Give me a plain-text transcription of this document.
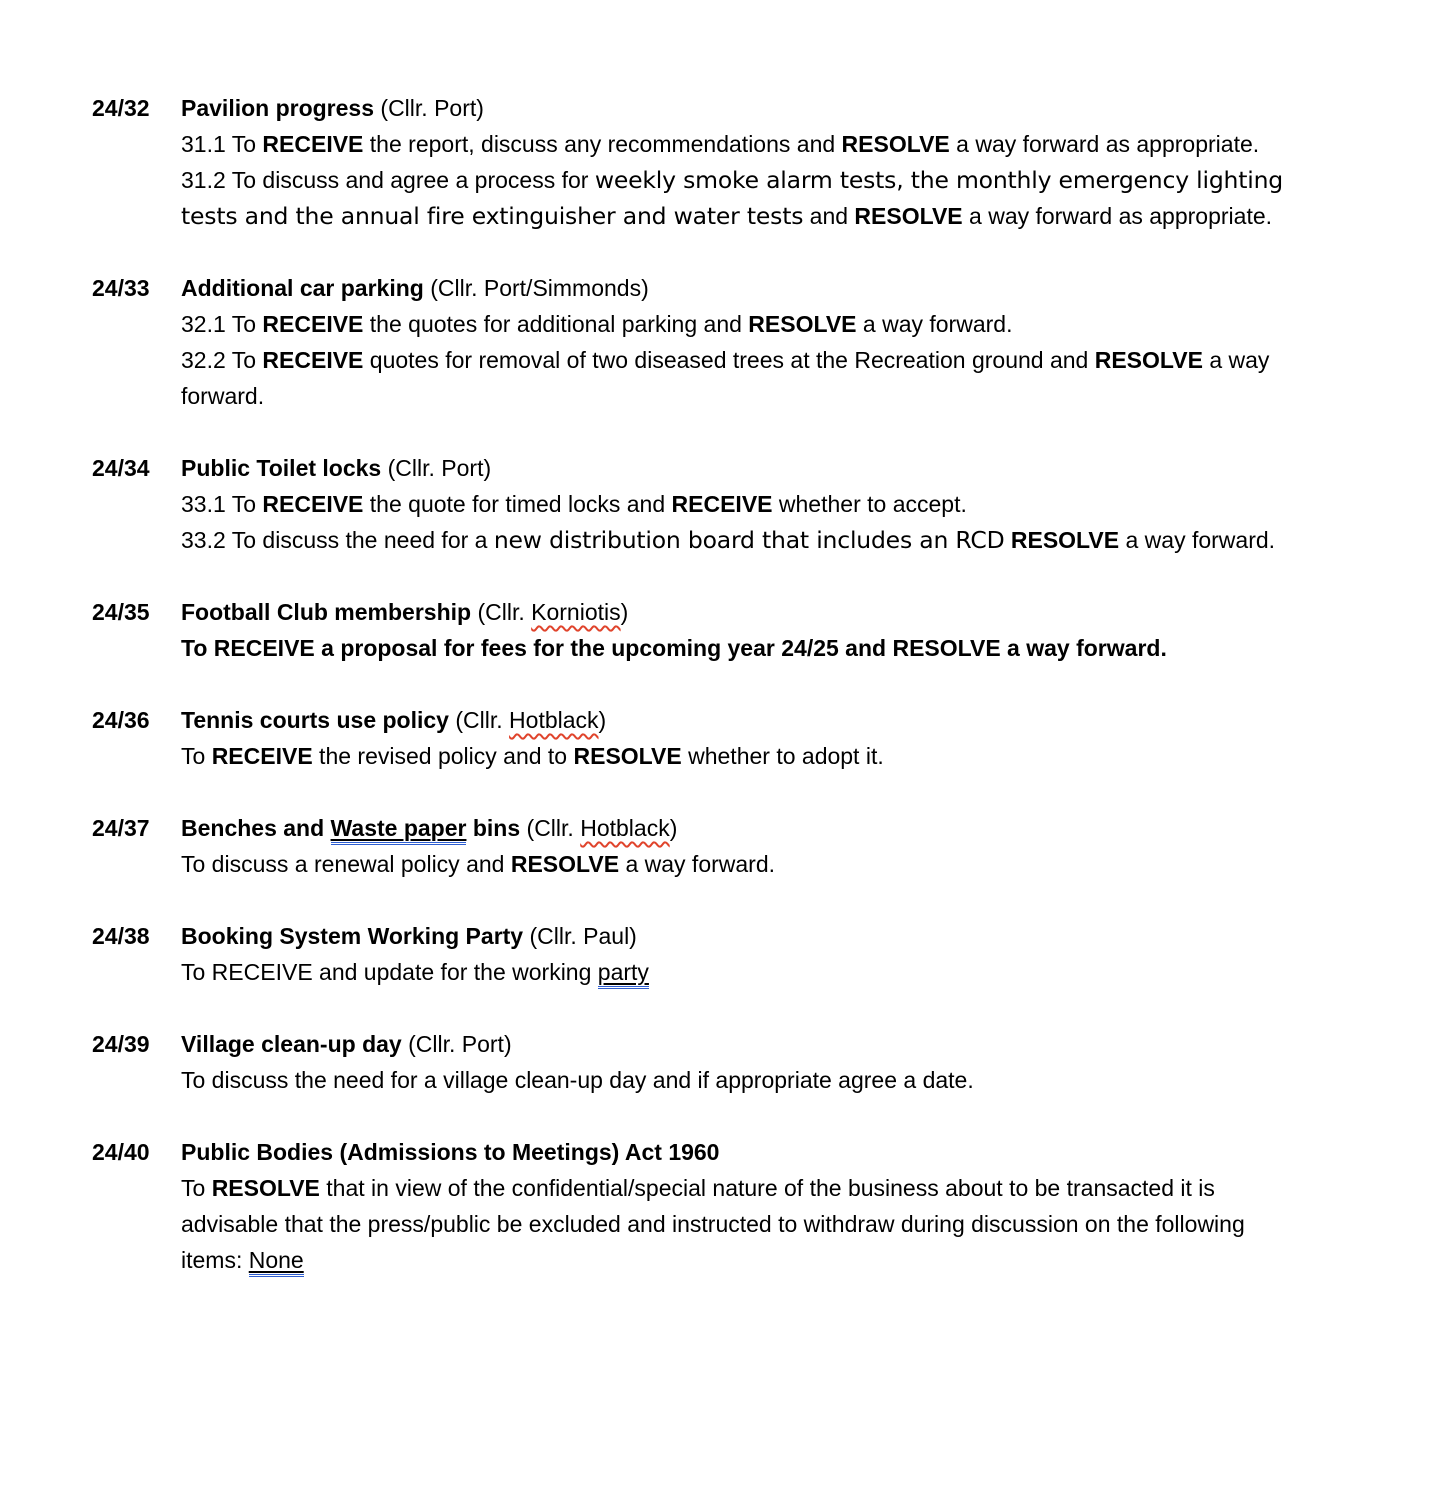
24/32	Pavilion progress (Cllr. Port)
31.1 To RECEIVE the report, discuss any recommendations and RESOLVE a way forward as appropriate.
31.2 To discuss and agree a process for weekly smoke alarm tests, the monthly emergency lighting
tests and the annual fire extinguisher and water tests and RESOLVE a way forward as appropriate.
24/33	Additional car parking (Cllr. Port/Simmonds)
32.1 To RECEIVE the quotes for additional parking and RESOLVE a way forward.
32.2 To RECEIVE quotes for removal of two diseased trees at the Recreation ground and RESOLVE a way
forward.
24/34	Public Toilet locks (Cllr. Port)
33.1 To RECEIVE the quote for timed locks and RECEIVE whether to accept.
33.2 To discuss the need for a new distribution board that includes an RCD RESOLVE a way forward.
24/35	Football Club membership (Cllr. Korniotis)
To RECEIVE a proposal for fees for the upcoming year 24/25 and RESOLVE a way forward.
24/36	Tennis courts use policy (Cllr. Hotblack)
To RECEIVE the revised policy and to RESOLVE whether to adopt it.
24/37	Benches and Waste paper bins (Cllr. Hotblack)
To discuss a renewal policy and RESOLVE a way forward.
24/38	Booking System Working Party (Cllr. Paul)
To RECEIVE and update for the working party
24/39	Village clean-up day (Cllr. Port)
To discuss the need for a village clean-up day and if appropriate agree a date.
24/40	Public Bodies (Admissions to Meetings) Act 1960
To RESOLVE that in view of the confidential/special nature of the business about to be transacted it is
advisable that the press/public be excluded and instructed to withdraw during discussion on the following
items: None
